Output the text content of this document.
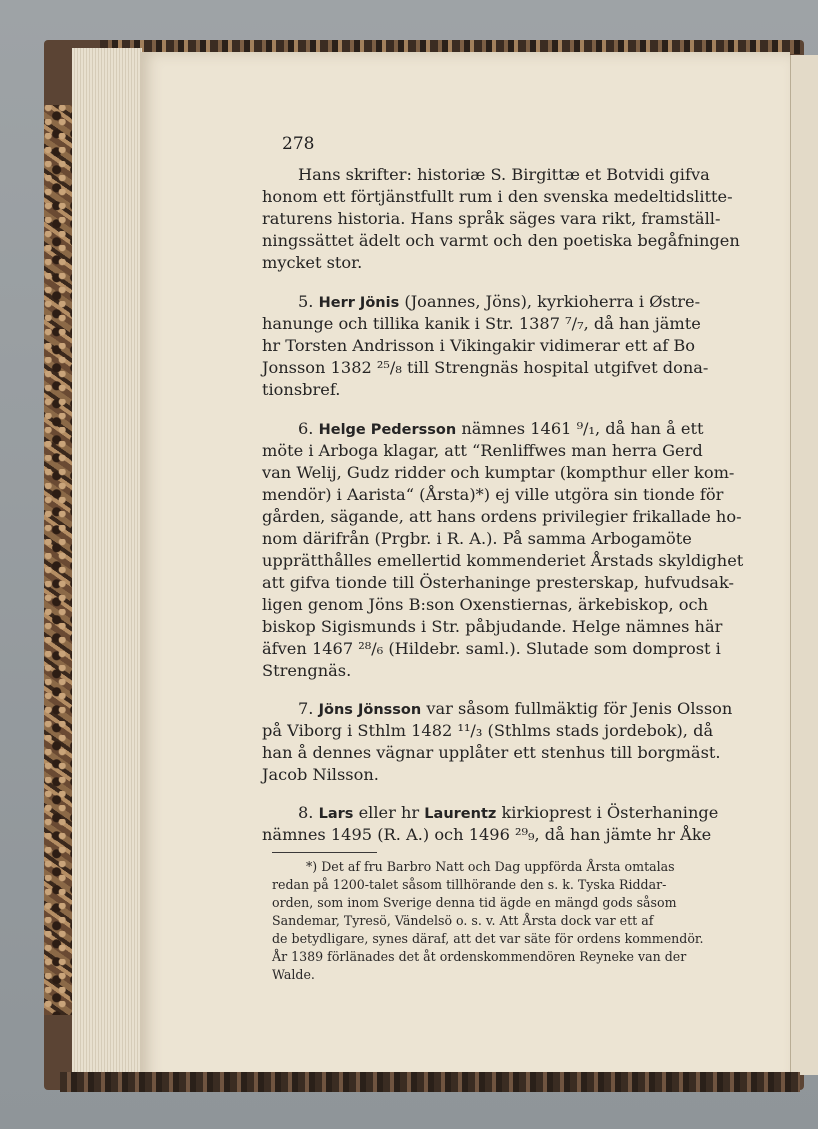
278
Hans skrifter: historiæ S. Birgittæ et Botvidi gifva
honom ett förtjänstfullt rum i den svenska medeltidslitte-
raturens historia. Hans språk säges vara rikt, framställ-
ningssättet ädelt och varmt och den poetiska begåfningen
mycket stor.
5. Herr Jönis (Joannes, Jöns), kyrkioherra i Østre-
hanunge och tillika kanik i Str. 1387 ⁷/₇, då han jämte
hr Torsten Andrisson i Vikingakir vidimerar ett af Bo
Jonsson 1382 ²⁵/₈ till Strengnäs hospital utgifvet dona-
tionsbref.
6. Helge Pedersson nämnes 1461 ⁹/₁, då han å ett
möte i Arboga klagar, att “Renliffwes man herra Gerd
van Welij, Gudz ridder och kumptar (kompthur eller kom-
mendör) i Aarista“ (Årsta)*) ej ville utgöra sin tionde för
gården, sägande, att hans ordens privilegier frikallade ho-
nom därifrån (Prgbr. i R. A.). På samma Arbogamöte
upprätthålles emellertid kommenderiet Årstads skyldighet
att gifva tionde till Österhaninge presterskap, hufvudsak-
ligen genom Jöns B:son Oxenstiernas, ärkebiskop, och
biskop Sigismunds i Str. påbjudande. Helge nämnes här
äfven 1467 ²⁸/₆ (Hildebr. saml.). Slutade som domprost i
Strengnäs.
7. Jöns Jönsson var såsom fullmäktig för Jenis Olsson
på Viborg i Sthlm 1482 ¹¹/₃ (Sthlms stads jordebok), då
han å dennes vägnar upplåter ett stenhus till borgmäst.
Jacob Nilsson.
8. Lars eller hr Laurentz kirkioprest i Österhaninge
nämnes 1495 (R. A.) och 1496 ²⁹₉, då han jämte hr Åke
*) Det af fru Barbro Natt och Dag uppförda Årsta omtalas
redan på 1200-talet såsom tillhörande den s. k. Tyska Riddar-
orden, som inom Sverige denna tid ägde en mängd gods såsom
Sandemar, Tyresö, Vändelsö o. s. v. Att Årsta dock var ett af
de betydligare, synes däraf, att det var säte för ordens kommendör.
År 1389 förlänades det åt ordenskommendören Reyneke van der
Walde.
